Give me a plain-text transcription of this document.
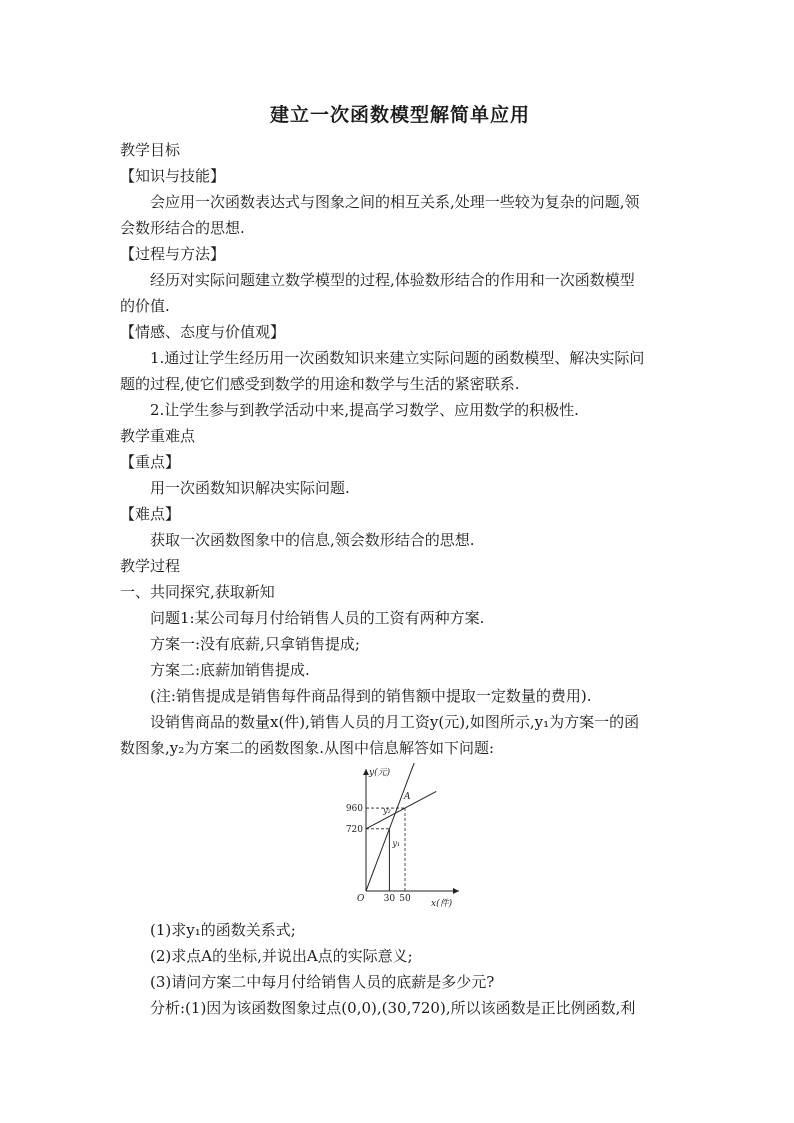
建立一次函数模型解简单应用

教学目标

【知识与技能】

会应用一次函数表达式与图象之间的相互关系,处理一些较为复杂的问题,领

会数形结合的思想.

【过程与方法】

经历对实际问题建立数学模型的过程,体验数形结合的作用和一次函数模型

的价值.

【情感、态度与价值观】

1.通过让学生经历用一次函数知识来建立实际问题的函数模型、解决实际问

题的过程,使它们感受到数学的用途和数学与生活的紧密联系.

2.让学生参与到教学活动中来,提高学习数学、应用数学的积极性.

教学重难点

【重点】

用一次函数知识解决实际问题.

【难点】

获取一次函数图象中的信息,领会数形结合的思想.

教学过程

一、共同探究,获取新知

问题1:某公司每月付给销售人员的工资有两种方案.

方案一:没有底薪,只拿销售提成;

方案二:底薪加销售提成.

(注:销售提成是销售每件商品得到的销售额中提取一定数量的费用).

设销售商品的数量x(件),销售人员的月工资y(元),如图所示,y₁为方案一的函

数图象,y₂为方案二的函数图象.从图中信息解答如下问题:

y(元)
x(件)
O
960
720
30 50
A
y₁
y₂

(1)求y₁的函数关系式;

(2)求点A的坐标,并说出A点的实际意义;

(3)请问方案二中每月付给销售人员的底薪是多少元?

分析:(1)因为该函数图象过点(0,0),(30,720),所以该函数是正比例函数,利
